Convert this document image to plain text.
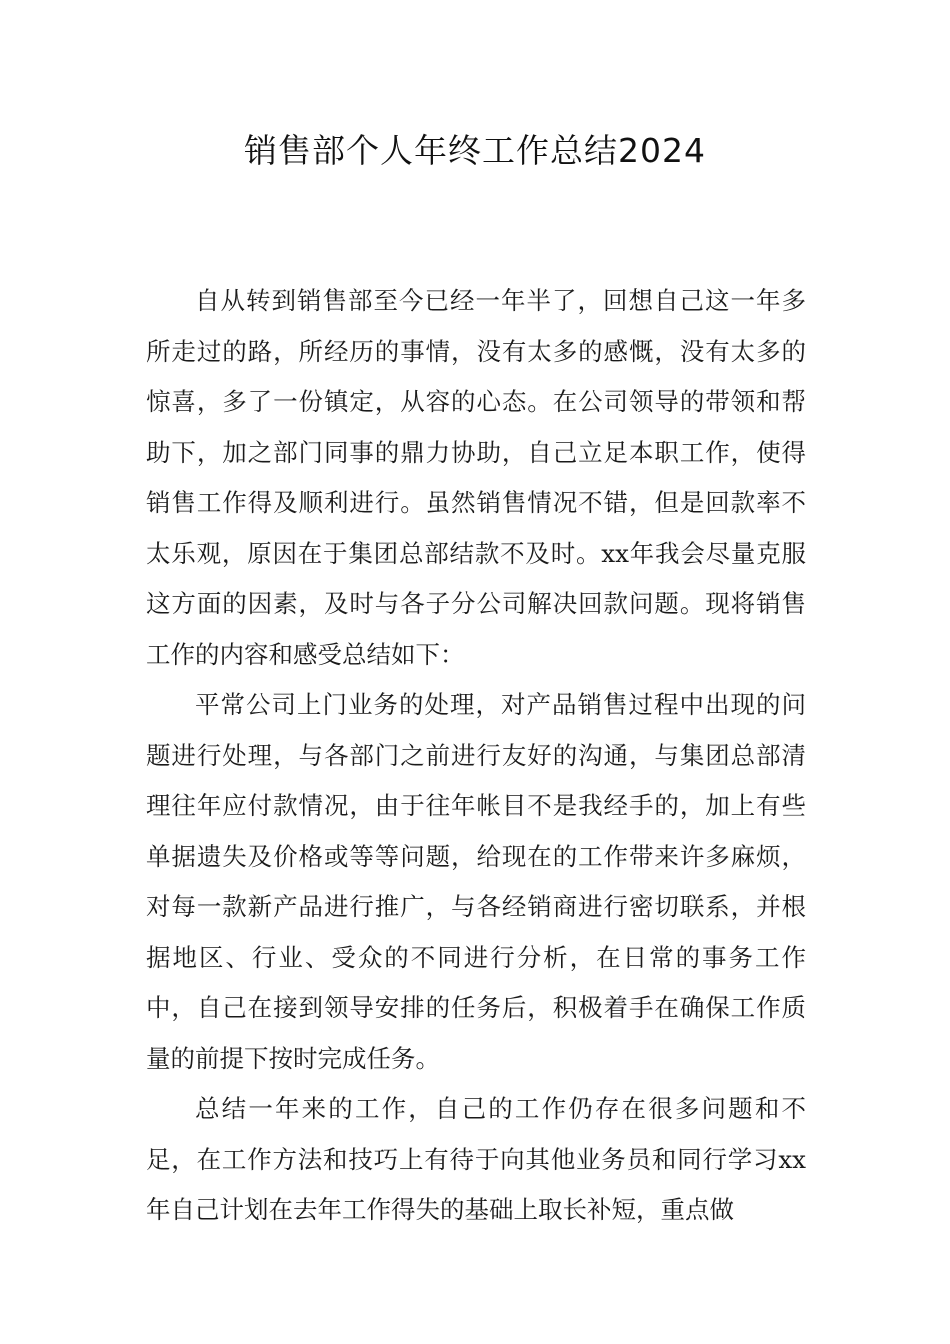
销售部个人年终工作总结2024

自从转到销售部至今已经一年半了，回想自己这一年多所走过的路，所经历的事情，没有太多的感慨，没有太多的惊喜，多了一份镇定，从容的心态。在公司领导的带领和帮助下，加之部门同事的鼎力协助，自己立足本职工作，使得销售工作得及顺利进行。虽然销售情况不错，但是回款率不太乐观，原因在于集团总部结款不及时。xx年我会尽量克服这方面的因素，及时与各子分公司解决回款问题。现将销售工作的内容和感受总结如下：

平常公司上门业务的处理，对产品销售过程中出现的问题进行处理，与各部门之前进行友好的沟通，与集团总部清理往年应付款情况，由于往年帐目不是我经手的，加上有些单据遗失及价格或等等问题，给现在的工作带来许多麻烦，对每一款新产品进行推广，与各经销商进行密切联系，并根据地区、行业、受众的不同进行分析，在日常的事务工作中，自己在接到领导安排的任务后，积极着手在确保工作质量的前提下按时完成任务。

总结一年来的工作，自己的工作仍存在很多问题和不足，在工作方法和技巧上有待于向其他业务员和同行学习xx年自己计划在去年工作得失的基础上取长补短，重点做
